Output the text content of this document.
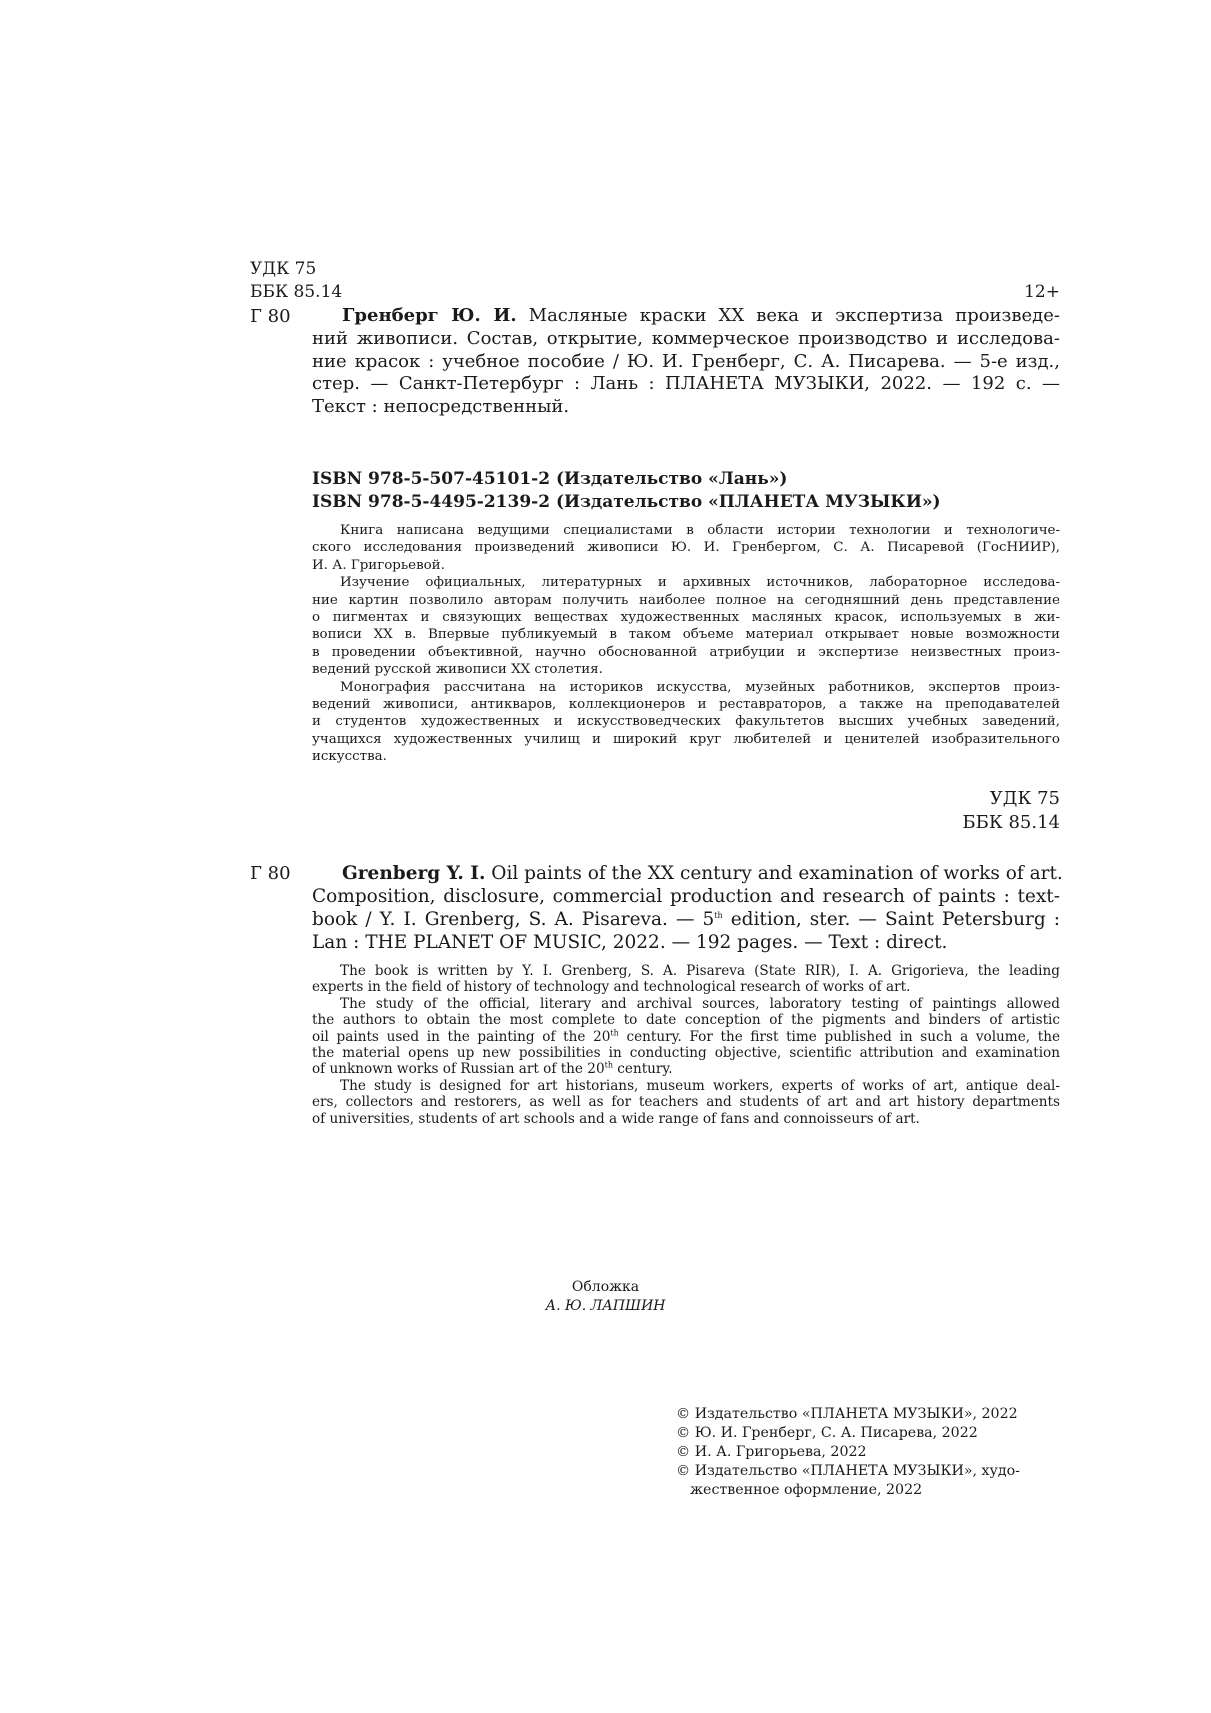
УДК 75
ББК 85.14	12+
Г 80	Гренберг Ю. И. Масляные краски XX века и экспертиза произведе-
ний живописи. Состав, открытие, коммерческое производство и исследова-
ние красок : учебное пособие / Ю. И. Гренберг, С. А. Писарева. — 5-е изд.,
стер. — Санкт-Петербург : Лань : ПЛАНЕТА МУЗЫКИ, 2022. — 192 с. —
Текст : непосредственный.
ISBN 978-5-507-45101-2 (Издательство «Лань»)
ISBN 978-5-4495-2139-2 (Издательство «ПЛАНЕТА МУЗЫКИ»)
Книга написана ведущими специалистами в области истории технологии и технологиче-
ского исследования произведений живописи Ю. И. Гренбергом, С. А. Писаревой (ГосНИИР),
И. А. Григорьевой.
Изучение официальных, литературных и архивных источников, лабораторное исследова-
ние картин позволило авторам получить наиболее полное на сегодняшний день представление
о пигментах и связующих веществах художественных масляных красок, используемых в жи-
вописи XX в. Впервые публикуемый в таком объеме материал открывает новые возможности
в проведении объективной, научно обоснованной атрибуции и экспертизе неизвестных произ-
ведений русской живописи XX столетия.
Монография рассчитана на историков искусства, музейных работников, экспертов произ-
ведений живописи, антикваров, коллекционеров и реставраторов, а также на преподавателей
и студентов художественных и искусствоведческих факультетов высших учебных заведений,
учащихся художественных училищ и широкий круг любителей и ценителей изобразительного
искусства.
УДК 75
ББК 85.14
Г 80	Grenberg Y. I. Oil paints of the XX century and examination of works of art.
Composition, disclosure, commercial production and research of paints : text-
book / Y. I. Grenberg, S. A. Pisareva. — 5th edition, ster. — Saint Petersburg :
Lan : THE PLANET OF MUSIC, 2022. — 192 pages. — Text : direct.
The book is written by Y. I. Grenberg, S. A. Pisareva (State RIR), I. A. Grigorieva, the leading
experts in the field of history of technology and technological research of works of art.
The study of the official, literary and archival sources, laboratory testing of paintings allowed
the authors to obtain the most complete to date conception of the pigments and binders of artistic
oil paints used in the painting of the 20th century. For the first time published in such a volume, the
the material opens up new possibilities in conducting objective, scientific attribution and examination
of unknown works of Russian art of the 20th century.
The study is designed for art historians, museum workers, experts of works of art, antique deal-
ers, collectors and restorers, as well as for teachers and students of art and art history departments
of universities, students of art schools and a wide range of fans and connoisseurs of art.
Обложка
А. Ю. ЛАПШИН
© Издательство «ПЛАНЕТА МУЗЫКИ», 2022
© Ю. И. Гренберг, С. А. Писарева, 2022
© И. А. Григорьева, 2022
© Издательство «ПЛАНЕТА МУЗЫКИ», худо-
жественное оформление, 2022
